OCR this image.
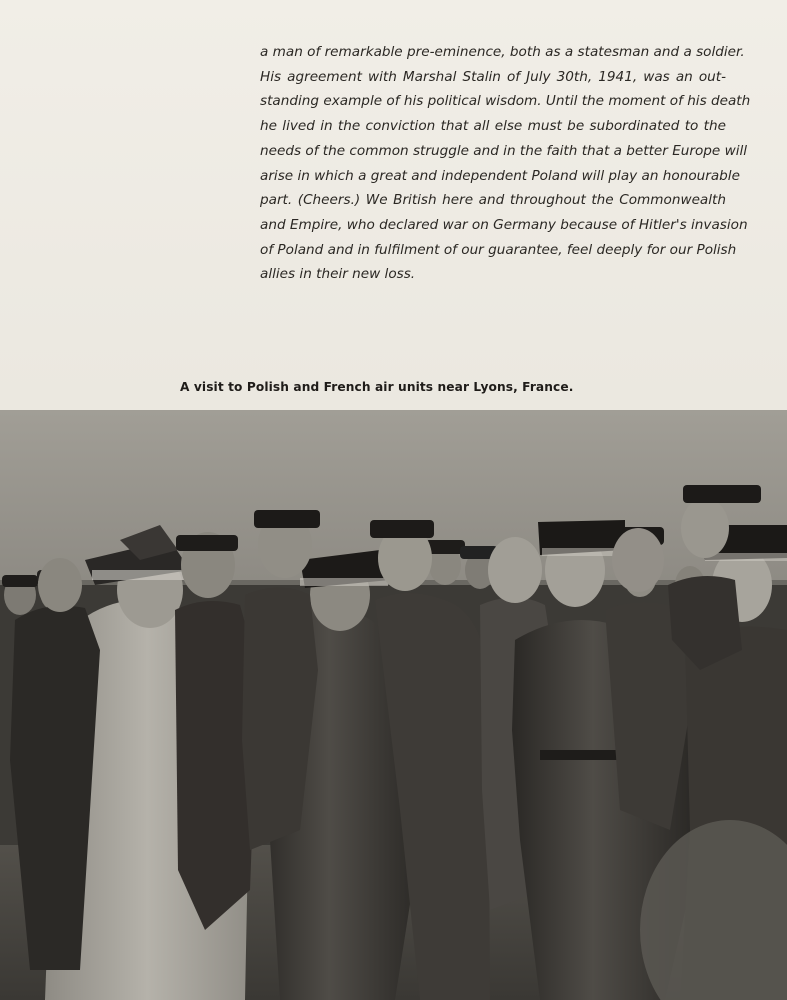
a man of remarkable pre-eminence, both as a statesman and a soldier.
His agreement with Marshal Stalin of July 30th, 1941, was an out-
standing example of his political wisdom. Until the moment of his death
he lived in the conviction that all else must be subordinated to the
needs of the common struggle and in the faith that a better Europe will
arise in which a great and independent Poland will play an honourable
part. (Cheers.) We British here and throughout the Commonwealth
and Empire, who declared war on Germany because of Hitler's invasion
of Poland and in fulfilment of our guarantee, feel deeply for our Polish
allies in their new loss.
A visit to Polish and French air units near Lyons, France.
